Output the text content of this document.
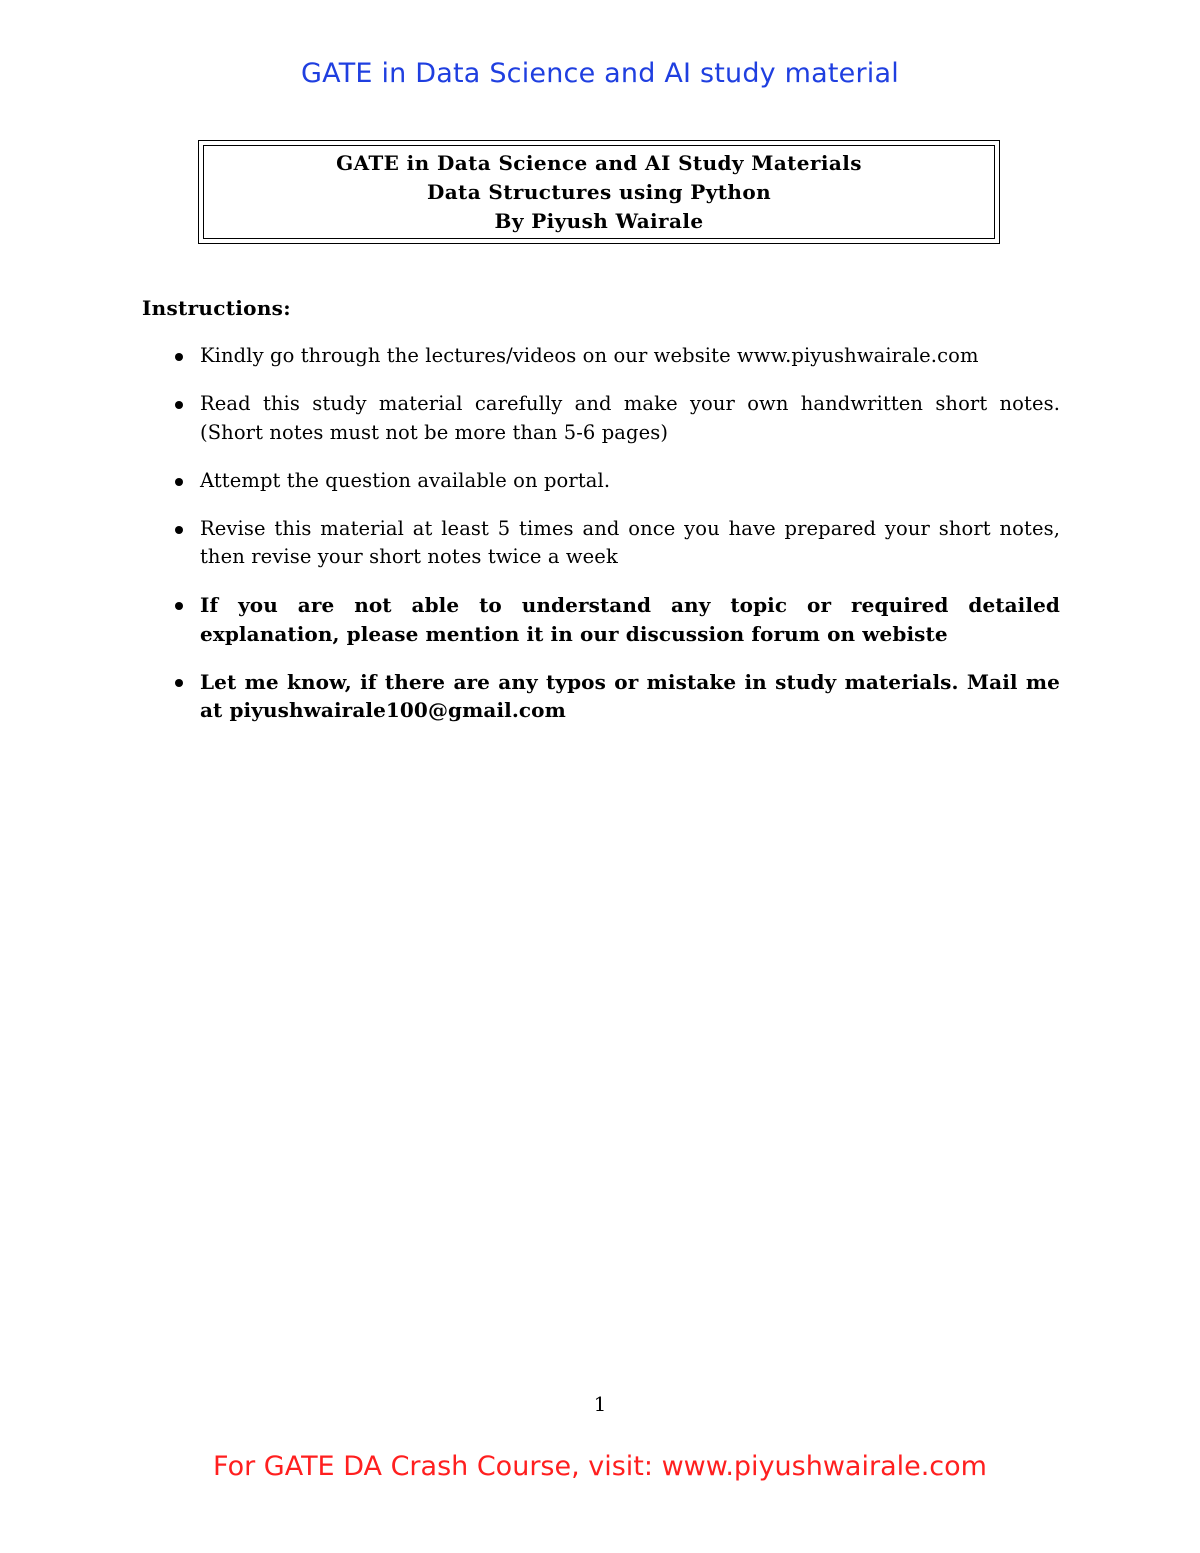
GATE in Data Science and AI study material
GATE in Data Science and AI Study Materials
Data Structures using Python
By Piyush Wairale
Instructions:
Kindly go through the lectures/videos on our website www.piyushwairale.com
Read this study material carefully and make your own handwritten short notes. (Short notes must not be more than 5-6 pages)
Attempt the question available on portal.
Revise this material at least 5 times and once you have prepared your short notes, then revise your short notes twice a week
If you are not able to understand any topic or required detailed explanation, please mention it in our discussion forum on webiste
Let me know, if there are any typos or mistake in study materials. Mail me at piyushwairale100@gmail.com
1
For GATE DA Crash Course, visit: www.piyushwairale.com
